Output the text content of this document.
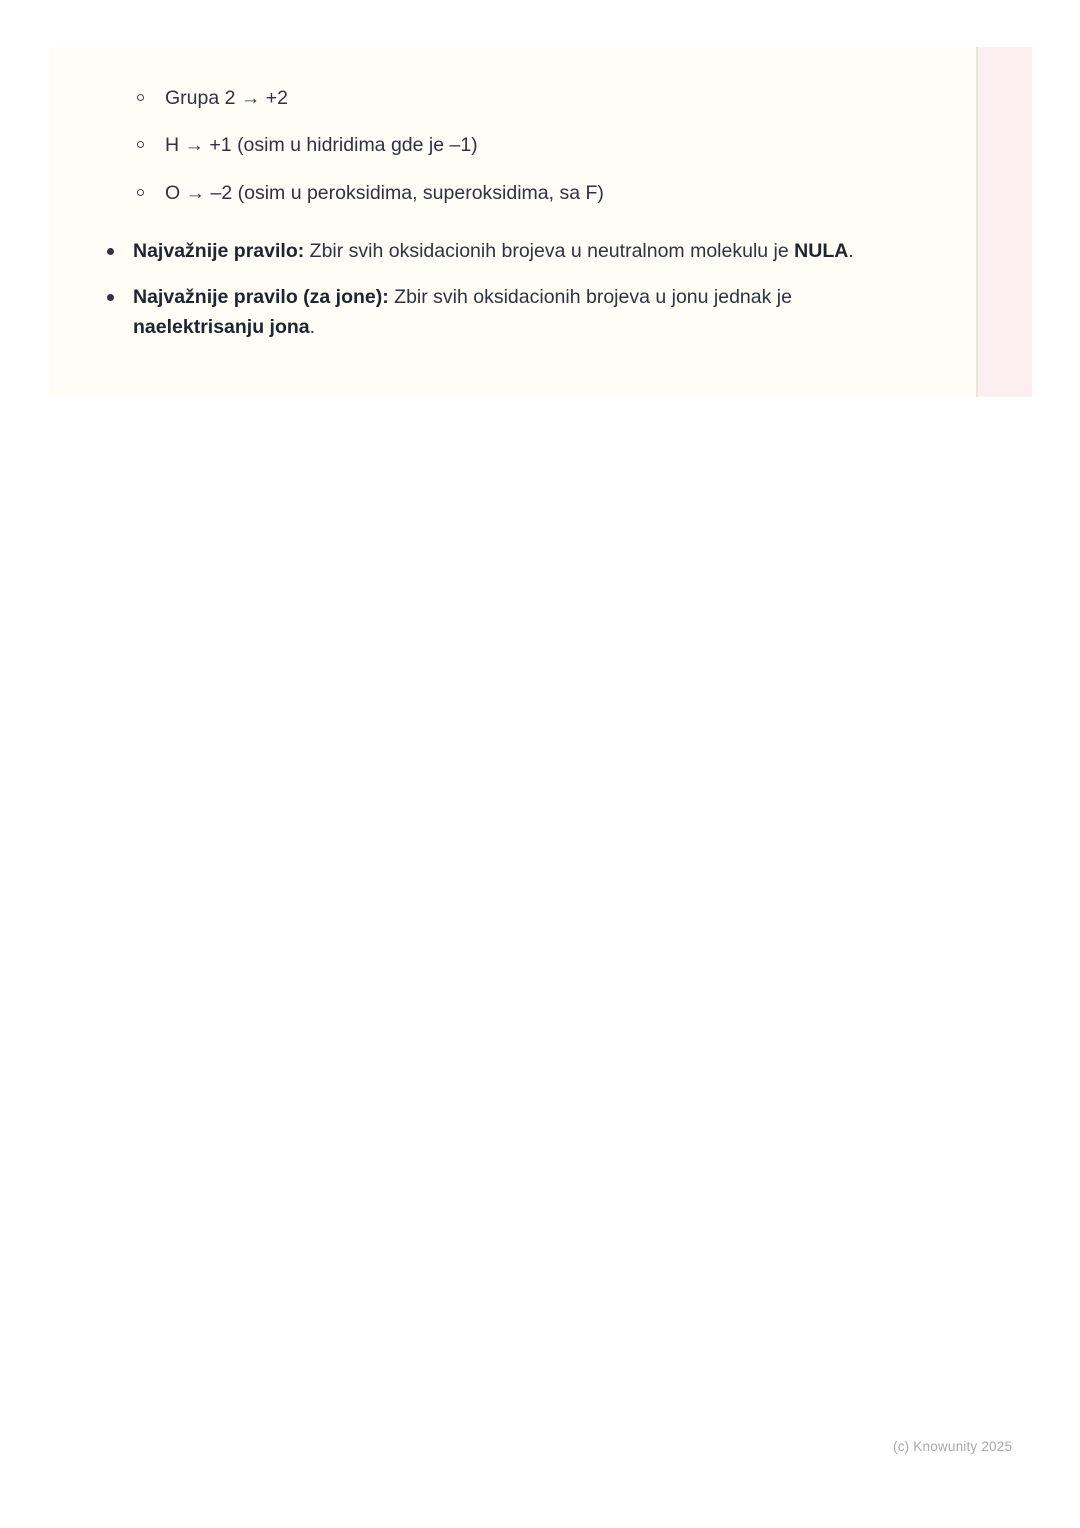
Grupa 2 → +2
H → +1 (osim u hidridima gde je –1)
O → –2 (osim u peroksidima, superoksidima, sa F)
Najvažnije pravilo: Zbir svih oksidacionih brojeva u neutralnom molekulu je NULA.
Najvažnije pravilo (za jone): Zbir svih oksidacionih brojeva u jonu jednak je naelektrisanju jona.
(c) Knowunity 2025
